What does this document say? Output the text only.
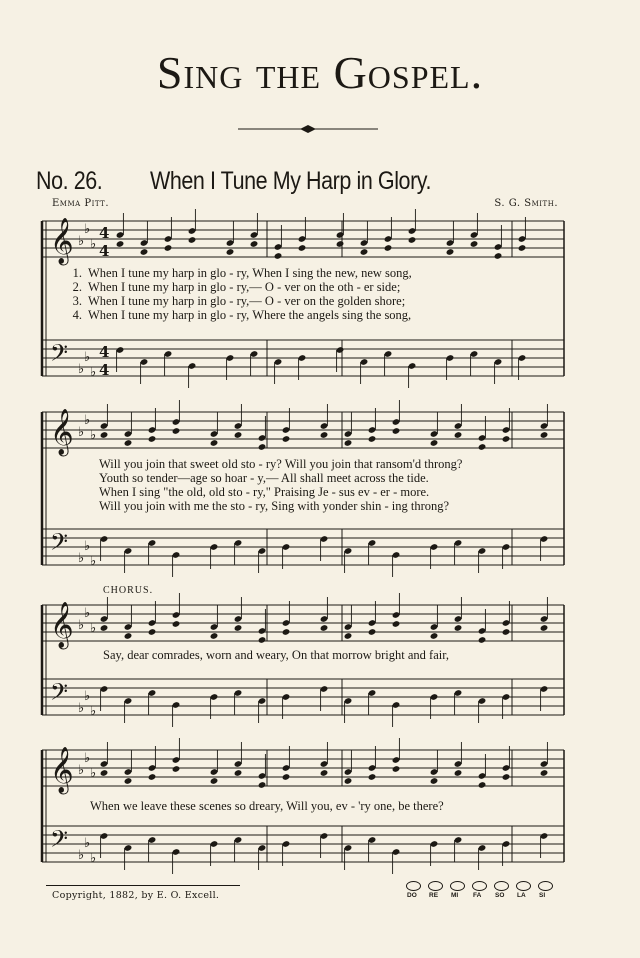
Sing the Gospel.
No. 26. When I Tune My Harp in Glory.
Emma Pitt.	S. G. Smith.
𝄞
𝄢
♭
♭
♭
♭
♭
♭
4
4
4
4
𝄞
𝄢
♭
♭
♭
♭
♭
♭
𝄞
𝄢
♭
♭
♭
♭
♭
♭
𝄞
𝄢
♭
♭
♭
♭
♭
♭
1. When I tune my harp in glo - ry, When I sing the new, new song,
2. When I tune my harp in glo - ry,— O - ver on the oth - er side;
3. When I tune my harp in glo - ry,— O - ver on the golden shore;
4. When I tune my harp in glo - ry, Where the angels sing the song,
Will you join that sweet old sto - ry? Will you join that ransom'd throng?
Youth so tender—age so hoar - y,— All shall meet across the tide.
When I sing "the old, old sto - ry," Praising Je - sus ev - er - more.
Will you join with me the sto - ry, Sing with yonder shin - ing throng?
CHORUS.
Say, dear comrades, worn and weary, On that morrow bright and fair,
When we leave these scenes so dreary, Will you, ev - 'ry one, be there?
Copyright, 1882, by E. O. Excell.	DO RE MI FA SO LA SI
